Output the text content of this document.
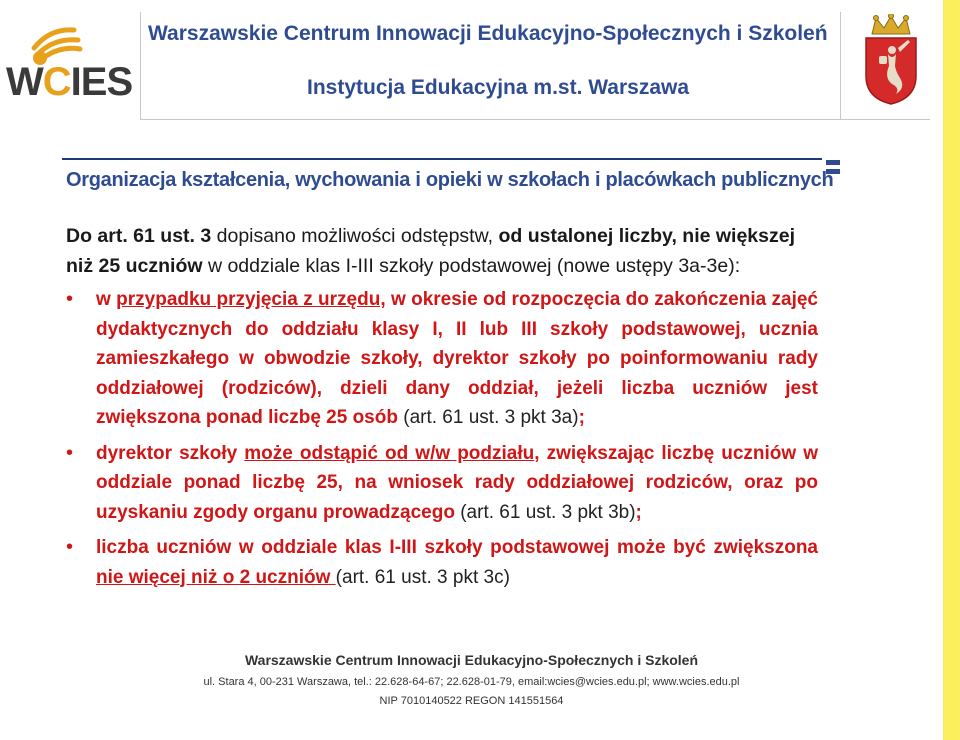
WCIES
Warszawskie Centrum Innowacji Edukacyjno-Społecznych i Szkoleń
Instytucja Edukacyjna m.st. Warszawa
Organizacja kształcenia, wychowania i opieki w szkołach i placówkach publicznych
Do art. 61 ust. 3 dopisano możliwości odstępstw, od ustalonej liczby, nie większej niż 25 uczniów w oddziale klas I-III szkoły podstawowej (nowe ustępy 3a-3e):
• w przypadku przyjęcia z urzędu, w okresie od rozpoczęcia do zakończenia zajęć dydaktycznych do oddziału klasy I, II lub III szkoły podstawowej, ucznia zamieszkałego w obwodzie szkoły, dyrektor szkoły po poinformowaniu rady oddziałowej (rodziców), dzieli dany oddział, jeżeli liczba uczniów jest zwiększona ponad liczbę 25 osób (art. 61 ust. 3 pkt 3a);
• dyrektor szkoły może odstąpić od w/w podziału, zwiększając liczbę uczniów w oddziale ponad liczbę 25, na wniosek rady oddziałowej rodziców, oraz po uzyskaniu zgody organu prowadzącego (art. 61 ust. 3 pkt 3b);
• liczba uczniów w oddziale klas I-III szkoły podstawowej może być zwiększona nie więcej niż o 2 uczniów (art. 61 ust. 3 pkt 3c)
Warszawskie Centrum Innowacji Edukacyjno-Społecznych i Szkoleń
ul. Stara 4, 00-231 Warszawa, tel.: 22.628-64-67; 22.628-01-79, email:wcies@wcies.edu.pl; www.wcies.edu.pl
NIP 7010140522 REGON 141551564
